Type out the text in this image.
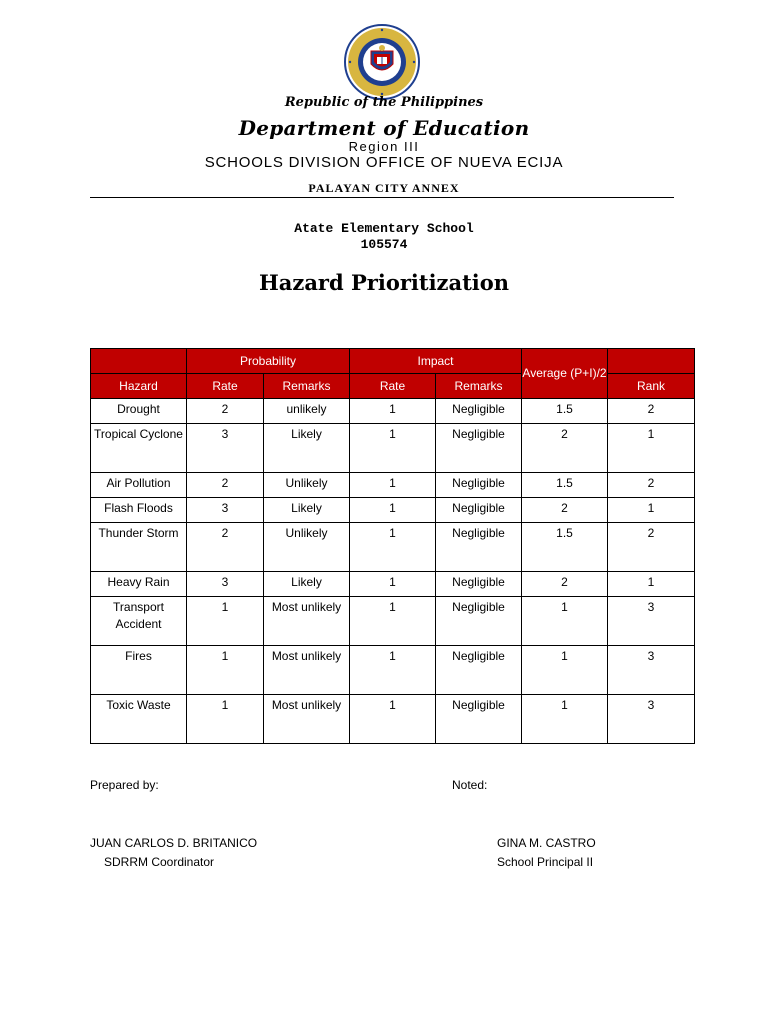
Republic of the Philippines
Department of Education
Region III
SCHOOLS DIVISION OFFICE OF NUEVA ECIJA
PALAYAN CITY ANNEX
Atate Elementary School
105574
Hazard Prioritization
	Probability		Impact		Average (P+I)/2	
Hazard	Rate	Remarks	Rate	Remarks		Rank
Drought	2	unlikely	1	Negligible	1.5	2
Tropical Cyclone	3	Likely	1	Negligible	2	1
Air Pollution	2	Unlikely	1	Negligible	1.5	2
Flash Floods	3	Likely	1	Negligible	2	1
Thunder Storm	2	Unlikely	1	Negligible	1.5	2
Heavy Rain	3	Likely	1	Negligible	2	1
Transport Accident	1	Most unlikely	1	Negligible	1	3
Fires	1	Most unlikely	1	Negligible	1	3
Toxic Waste	1	Most unlikely	1	Negligible	1	3
Prepared by:	Noted:
JUAN CARLOS D. BRITANICO
SDRRM Coordinator
GINA M. CASTRO
School Principal II
